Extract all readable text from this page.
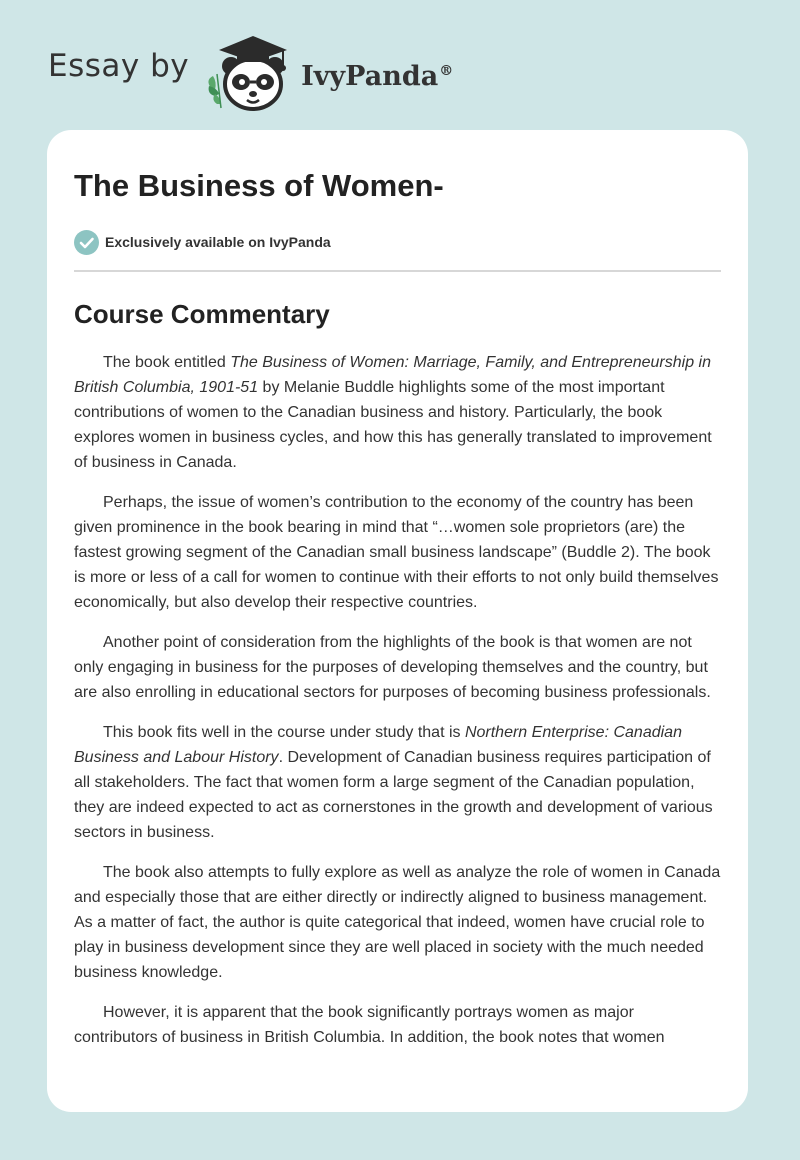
Essay by	IvyPanda®
The Business of Women-
Exclusively available on IvyPanda
Course Commentary

The book entitled The Business of Women: Marriage, Family, and Entrepreneurship in British Columbia, 1901-51 by Melanie Buddle highlights some of the most important contributions of women to the Canadian business and history. Particularly, the book explores women in business cycles, and how this has generally translated to improvement of business in Canada.

Perhaps, the issue of women’s contribution to the economy of the country has been given prominence in the book bearing in mind that “…women sole proprietors (are) the fastest growing segment of the Canadian small business landscape” (Buddle 2). The book is more or less of a call for women to continue with their efforts to not only build themselves economically, but also develop their respective countries.

Another point of consideration from the highlights of the book is that women are not only engaging in business for the purposes of developing themselves and the country, but are also enrolling in educational sectors for purposes of becoming business professionals.

This book fits well in the course under study that is Northern Enterprise: Canadian Business and Labour History. Development of Canadian business requires participation of all stakeholders. The fact that women form a large segment of the Canadian population, they are indeed expected to act as cornerstones in the growth and development of various sectors in business.

The book also attempts to fully explore as well as analyze the role of women in Canada and especially those that are either directly or indirectly aligned to business management. As a matter of fact, the author is quite categorical that indeed, women have crucial role to play in business development since they are well placed in society with the much needed business knowledge.

However, it is apparent that the book significantly portrays women as major contributors of business in British Columbia. In addition, the book notes that women
